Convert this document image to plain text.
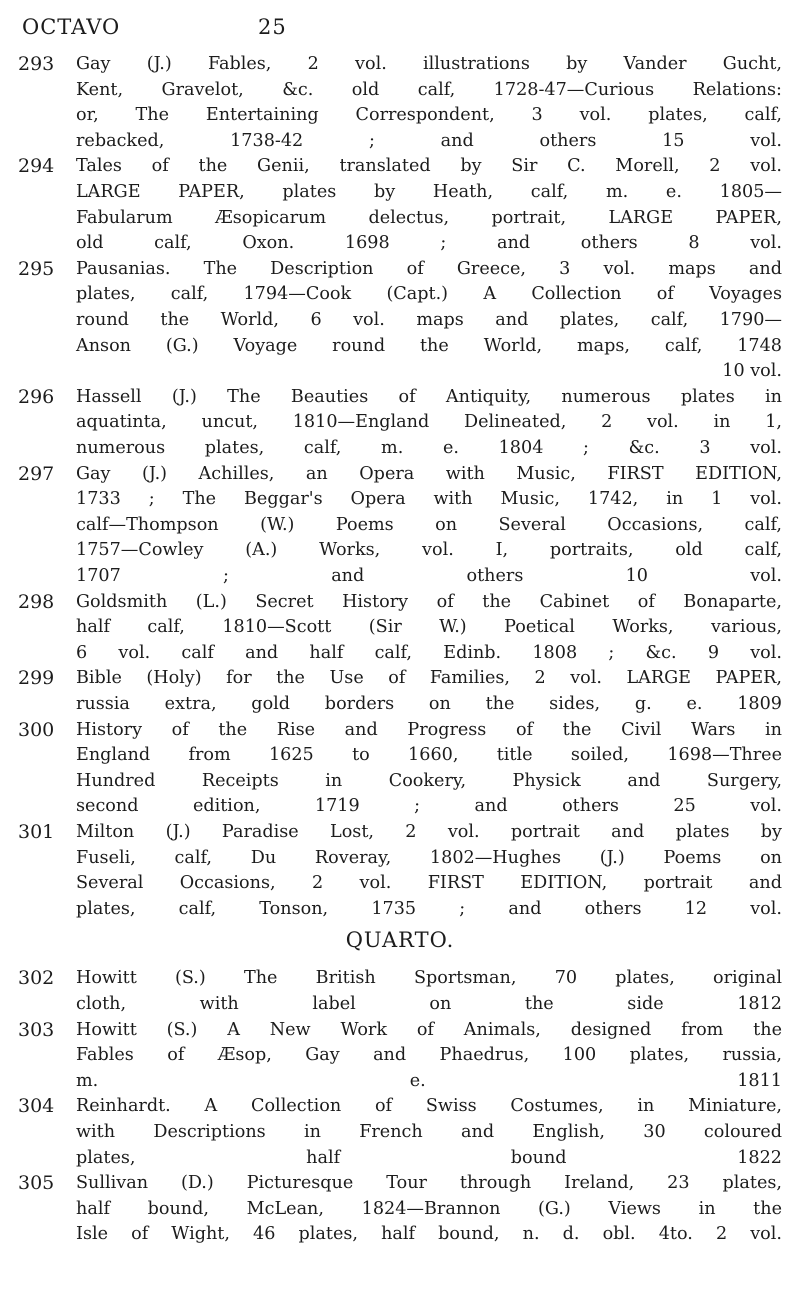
OCTAVO	25
293	Gay (J.) Fables, 2 vol. illustrations by Vander Gucht,
Kent, Gravelot, &c. old calf, 1728-47—Curious Relations:
or, The Entertaining Correspondent, 3 vol. plates, calf,
rebacked, 1738-42 ; and others 15 vol.
294	Tales of the Genii, translated by Sir C. Morell, 2 vol.
LARGE PAPER, plates by Heath, calf, m. e. 1805—
Fabularum Æsopicarum delectus, portrait, LARGE PAPER,
old calf, Oxon. 1698 ; and others 8 vol.
295	Pausanias. The Description of Greece, 3 vol. maps and
plates, calf, 1794—Cook (Capt.) A Collection of Voyages
round the World, 6 vol. maps and plates, calf, 1790—
Anson (G.) Voyage round the World, maps, calf, 1748
10 vol.
296	Hassell (J.) The Beauties of Antiquity, numerous plates in
aquatinta, uncut, 1810—England Delineated, 2 vol. in 1,
numerous plates, calf, m. e. 1804 ; &c. 3 vol.
297	Gay (J.) Achilles, an Opera with Music, FIRST EDITION,
1733 ; The Beggar's Opera with Music, 1742, in 1 vol.
calf—Thompson (W.) Poems on Several Occasions, calf,
1757—Cowley (A.) Works, vol. I, portraits, old calf,
1707 ; and others 10 vol.
298	Goldsmith (L.) Secret History of the Cabinet of Bonaparte,
half calf, 1810—Scott (Sir W.) Poetical Works, various,
6 vol. calf and half calf, Edinb. 1808 ; &c. 9 vol.
299	Bible (Holy) for the Use of Families, 2 vol. LARGE PAPER,
russia extra, gold borders on the sides, g. e. 1809
300	History of the Rise and Progress of the Civil Wars in
England from 1625 to 1660, title soiled, 1698—Three
Hundred Receipts in Cookery, Physick and Surgery,
second edition, 1719 ; and others 25 vol.
301	Milton (J.) Paradise Lost, 2 vol. portrait and plates by
Fuseli, calf, Du Roveray, 1802—Hughes (J.) Poems on
Several Occasions, 2 vol. FIRST EDITION, portrait and
plates, calf, Tonson, 1735 ; and others 12 vol.
QUARTO.
302	Howitt (S.) The British Sportsman, 70 plates, original
cloth, with label on the side 1812
303	Howitt (S.) A New Work of Animals, designed from the
Fables of Æsop, Gay and Phaedrus, 100 plates, russia,
m. e. 1811
304	Reinhardt. A Collection of Swiss Costumes, in Miniature,
with Descriptions in French and English, 30 coloured
plates, half bound 1822
305	Sullivan (D.) Picturesque Tour through Ireland, 23 plates,
half bound, McLean, 1824—Brannon (G.) Views in the
Isle of Wight, 46 plates, half bound, n. d. obl. 4to. 2 vol.
